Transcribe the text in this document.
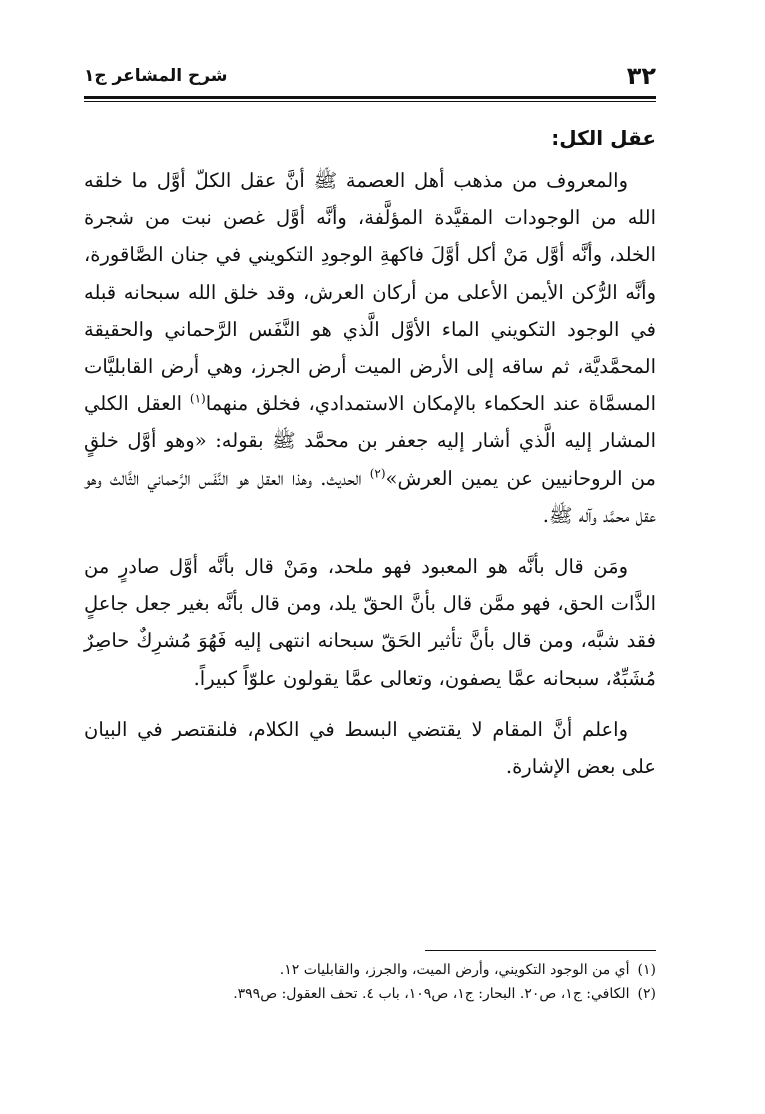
٣٢
شرح المشاعر ج١
عقل الكل:

والمعروف من مذهب أهل العصمة ﷺ أنَّ عقل الكلّ أوَّل ما خلقه الله من الوجودات المقيَّدة المؤلَّفة، وأنَّه أوَّل غصن نبت من شجرة الخلد، وأنَّه أوَّل مَنْ أكل أوَّلَ فاكهةِ الوجودِ التكويني في جنان الصَّاقورة، وأنَّه الرُّكن الأيمن الأعلى من أركان العرش، وقد خلق الله سبحانه قبله في الوجود التكويني الماء الأوَّل الَّذي هو النَّفَس الرَّحماني والحقيقة المحمَّديَّة، ثم ساقه إلى الأرض الميت أرض الجرز، وهي أرض القابليَّات المسمَّاة عند الحكماء بالإمكان الاستمدادي، فخلق منهما$^{(١)}$ العقل الكلي المشار إليه الَّذي أشار إليه جعفر بن محمَّد ﷺ بقوله: «وهو أوَّل خلقٍ من الروحانيين عن يمين العرش»$^{(٢)}$ الحديث. وهذا العقل هو النَّفَس الرَّحماني الثَّالث وهو عقل محمَّد وآله ﷺ.

ومَن قال بأنَّه هو المعبود فهو ملحد، ومَنْ قال بأنَّه أوَّل صادرٍ من الذَّات الحق، فهو ممَّن قال بأنَّ الحقّ يلد، ومن قال بأنَّه بغير جعل جاعلٍ فقد شبَّه، ومن قال بأنَّ تأثير الحَقّ سبحانه انتهى إليه فَهُوَ مُشرِكٌ حاصِرٌ مُشَبِّهٌ، سبحانه عمَّا يصفون، وتعالى عمَّا يقولون علوّاً كبيراً.

واعلم أنَّ المقام لا يقتضي البسط في الكلام، فلنقتصر في البيان على بعض الإشارة.

(١)أي من الوجود التكويني، وأرض الميت، والجرز، والقابليات ١٢.

(٢)الكافي: ج١، ص٢٠. البحار: ج١، ص١٠٩، باب ٤. تحف العقول: ص٣٩٩.
